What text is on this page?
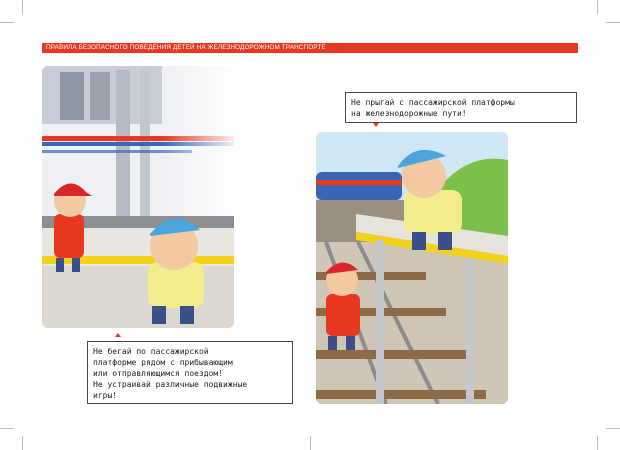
ПРАВИЛА БЕЗОПАСНОГО ПОВЕДЕНИЯ ДЕТЕЙ НА ЖЕЛЕЗНОДОРОЖНОМ ТРАНСПОРТЕ
Не бегай по пассажирской
платформе рядом с прибывающим
или отправляющимся поездом!
Не устраивай различные подвижные
игры!
Не прыгай с пассажирской платформы
на железнодорожные пути!
